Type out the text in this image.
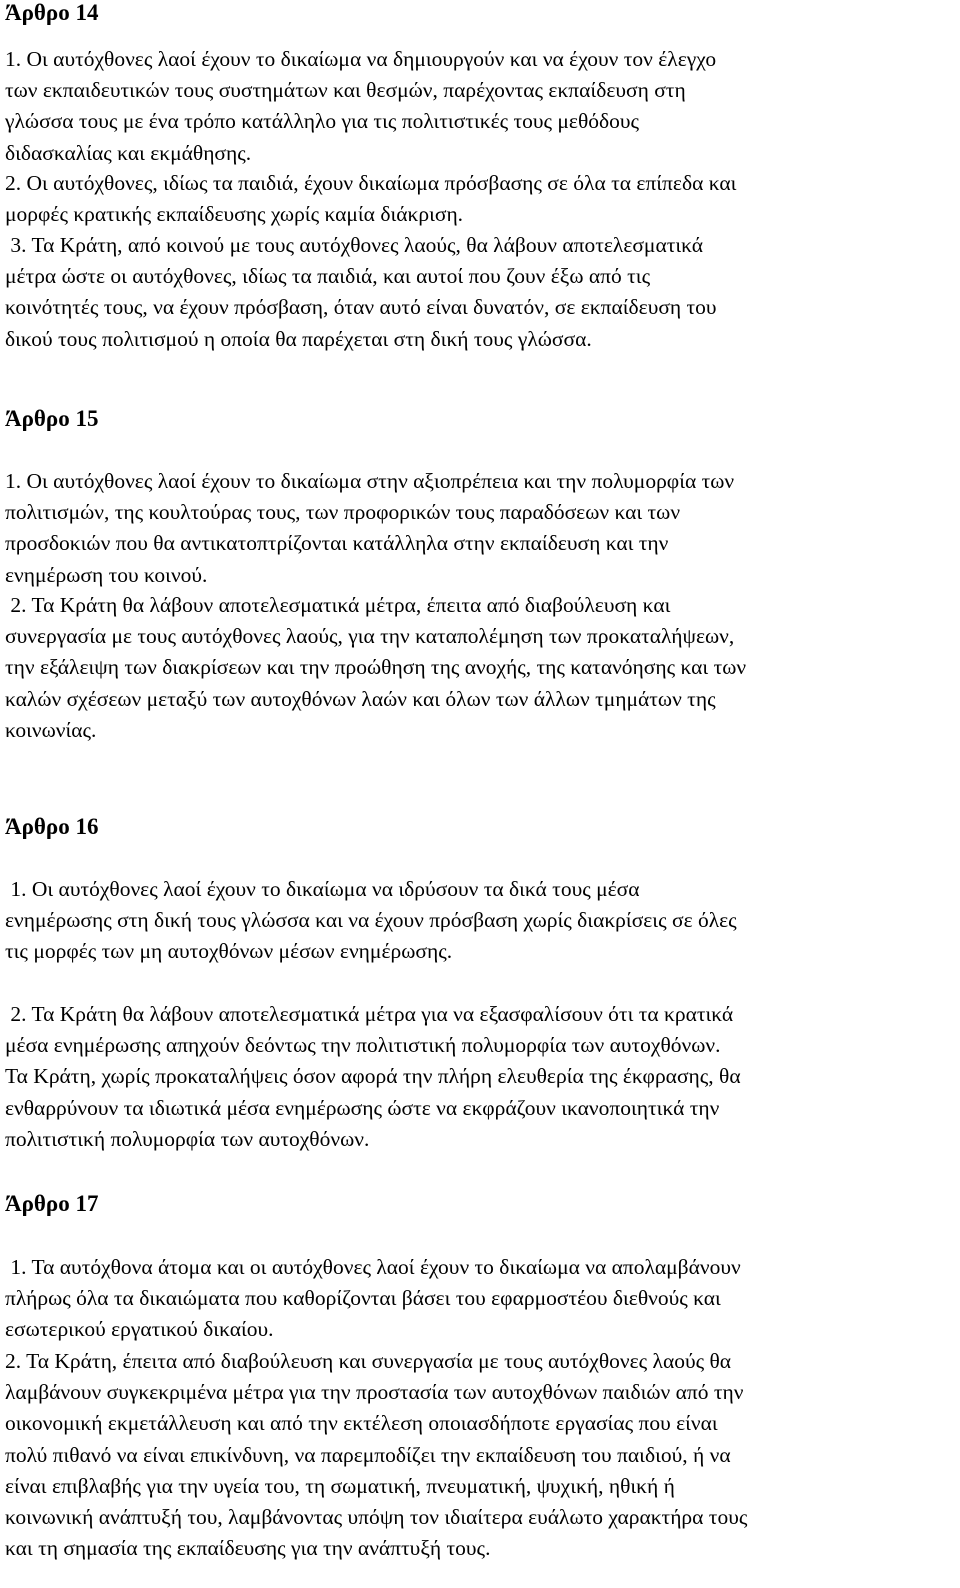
Άρθρο 14

1. Οι αυτόχθονες λαοί έχουν το δικαίωμα να δημιουργούν και να έχουν τον έλεγχο
των εκπαιδευτικών τους συστημάτων και θεσμών, παρέχοντας εκπαίδευση στη
γλώσσα τους με ένα τρόπο κατάλληλο για τις πολιτιστικές τους μεθόδους
διδασκαλίας και εκμάθησης.

2. Οι αυτόχθονες, ιδίως τα παιδιά, έχουν δικαίωμα πρόσβασης σε όλα τα επίπεδα και
μορφές κρατικής εκπαίδευσης χωρίς καμία διάκριση.

3. Τα Κράτη, από κοινού με τους αυτόχθονες λαούς, θα λάβουν αποτελεσματικά
μέτρα ώστε οι αυτόχθονες, ιδίως τα παιδιά, και αυτοί που ζουν έξω από τις
κοινότητές τους, να έχουν πρόσβαση, όταν αυτό είναι δυνατόν, σε εκπαίδευση του
δικού τους πολιτισμού η οποία θα παρέχεται στη δική τους γλώσσα.

Άρθρο 15

1. Οι αυτόχθονες λαοί έχουν το δικαίωμα στην αξιοπρέπεια και την πολυμορφία των
πολιτισμών, της κουλτούρας τους, των προφορικών τους παραδόσεων και των
προσδοκιών που θα αντικατοπτρίζονται κατάλληλα στην εκπαίδευση και την
ενημέρωση του κοινού.

2. Τα Κράτη θα λάβουν αποτελεσματικά μέτρα, έπειτα από διαβούλευση και
συνεργασία με τους αυτόχθονες λαούς, για την καταπολέμηση των προκαταλήψεων,
την εξάλειψη των διακρίσεων και την προώθηση της ανοχής, της κατανόησης και των
καλών σχέσεων μεταξύ των αυτοχθόνων λαών και όλων των άλλων τμημάτων της
κοινωνίας.

Άρθρο 16

1. Οι αυτόχθονες λαοί έχουν το δικαίωμα να ιδρύσουν τα δικά τους μέσα
ενημέρωσης στη δική τους γλώσσα και να έχουν πρόσβαση χωρίς διακρίσεις σε όλες
τις μορφές των μη αυτοχθόνων μέσων ενημέρωσης.

2. Τα Κράτη θα λάβουν αποτελεσματικά μέτρα για να εξασφαλίσουν ότι τα κρατικά
μέσα ενημέρωσης απηχούν δεόντως την πολιτιστική πολυμορφία των αυτοχθόνων.
Τα Κράτη, χωρίς προκαταλήψεις όσον αφορά την πλήρη ελευθερία της έκφρασης, θα
ενθαρρύνουν τα ιδιωτικά μέσα ενημέρωσης ώστε να εκφράζουν ικανοποιητικά την
πολιτιστική πολυμορφία των αυτοχθόνων.

Άρθρο 17

1. Τα αυτόχθονα άτομα και οι αυτόχθονες λαοί έχουν το δικαίωμα να απολαμβάνουν
πλήρως όλα τα δικαιώματα που καθορίζονται βάσει του εφαρμοστέου διεθνούς και
εσωτερικού εργατικού δικαίου.

2. Τα Κράτη, έπειτα από διαβούλευση και συνεργασία με τους αυτόχθονες λαούς θα
λαμβάνουν συγκεκριμένα μέτρα για την προστασία των αυτοχθόνων παιδιών από την
οικονομική εκμετάλλευση και από την εκτέλεση οποιασδήποτε εργασίας που είναι
πολύ πιθανό να είναι επικίνδυνη, να παρεμποδίζει την εκπαίδευση του παιδιού, ή να
είναι επιβλαβής για την υγεία του, τη σωματική, πνευματική, ψυχική, ηθική ή
κοινωνική ανάπτυξή του, λαμβάνοντας υπόψη τον ιδιαίτερα ευάλωτο χαρακτήρα τους
και τη σημασία της εκπαίδευσης για την ανάπτυξή τους.
